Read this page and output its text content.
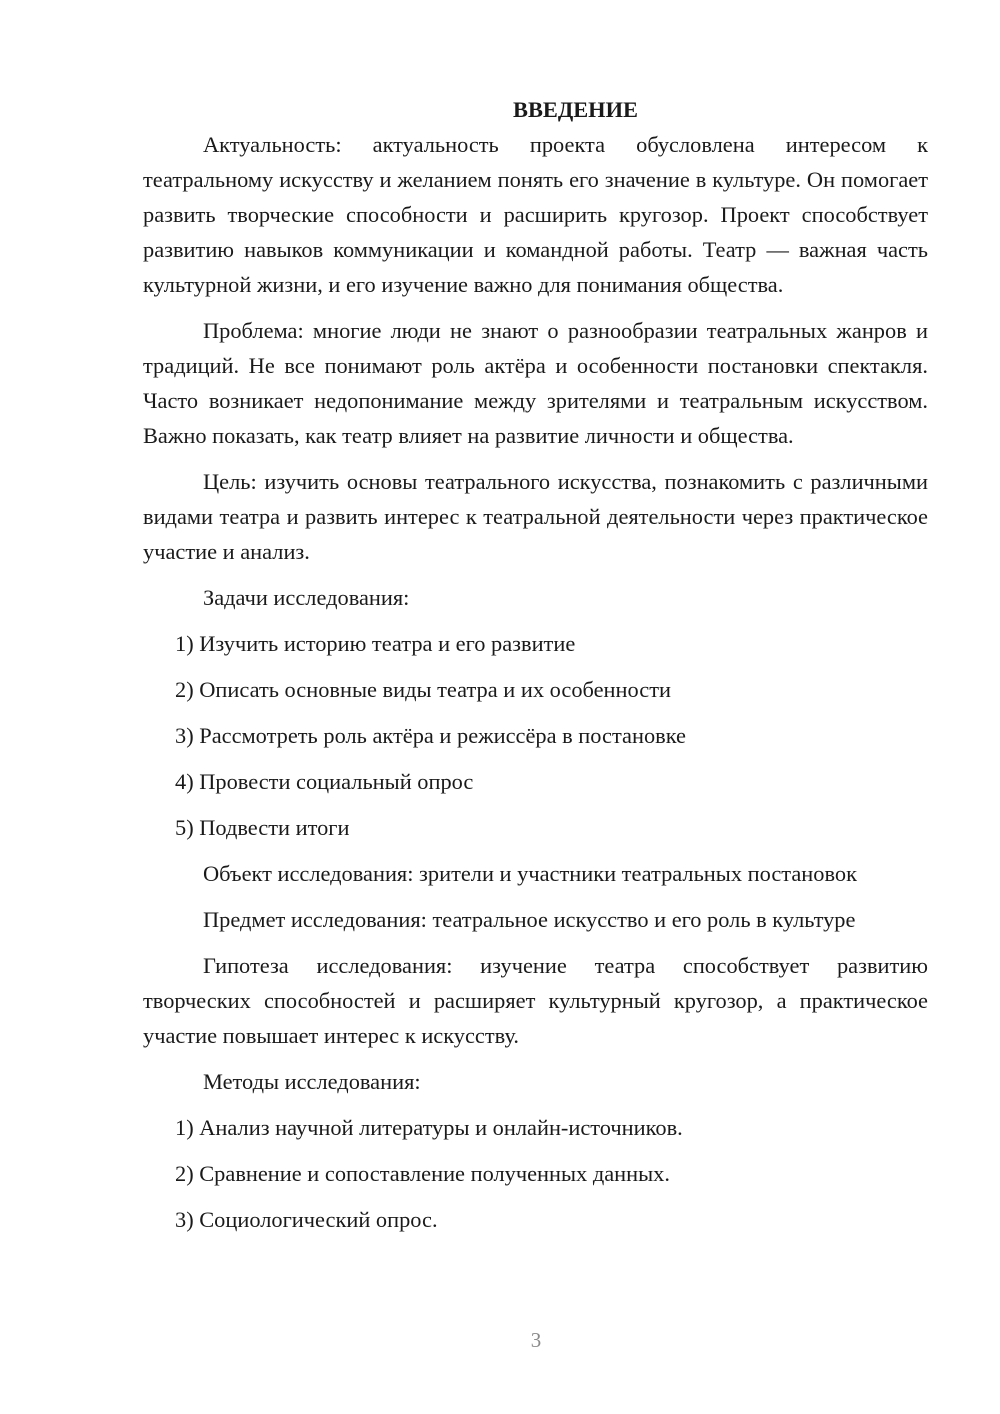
ВВЕДЕНИЕ

Актуальность: актуальность проекта обусловлена интересом к театральному искусству и желанием понять его значение в культуре. Он помогает развить творческие способности и расширить кругозор. Проект способствует развитию навыков коммуникации и командной работы. Театр — важная часть культурной жизни, и его изучение важно для понимания общества.

Проблема: многие люди не знают о разнообразии театральных жанров и традиций. Не все понимают роль актёра и особенности постановки спектакля. Часто возникает недопонимание между зрителями и театральным искусством. Важно показать, как театр влияет на развитие личности и общества.

Цель: изучить основы театрального искусства, познакомить с различными видами театра и развить интерес к театральной деятельности через практическое участие и анализ.

Задачи исследования:

1) Изучить историю театра и его развитие

2) Описать основные виды театра и их особенности

3) Рассмотреть роль актёра и режиссёра в постановке

4) Провести социальный опрос

5) Подвести итоги

Объект исследования: зрители и участники театральных постановок

Предмет исследования: театральное искусство и его роль в культуре

Гипотеза исследования: изучение театра способствует развитию творческих способностей и расширяет культурный кругозор, а практическое участие повышает интерес к искусству.

Методы исследования:

1) Анализ научной литературы и онлайн-источников.

2) Сравнение и сопоставление полученных данных.

3) Социологический опрос.

3
